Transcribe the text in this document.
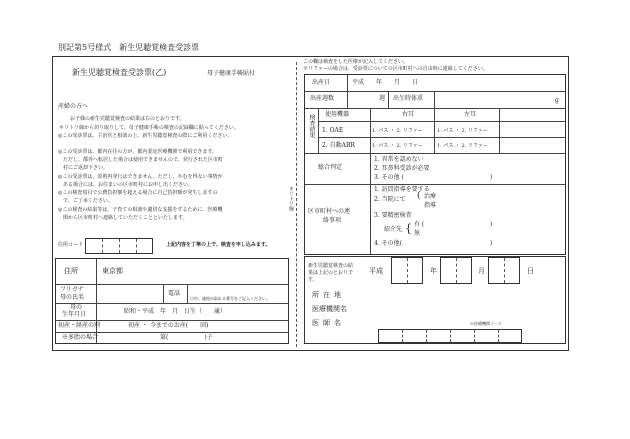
別記第5号様式　新生児聴覚検査受診票
新生児聴覚検査受診票(乙)	母子健康手帳貼付
産婦の方へ
お子様の新生児聴覚検査の結果は右のとおりです。
キリトリ線から切り取りして、母子健康手帳の検査の記録欄に貼ってください。
◎この受診票は、主治医と相談の上、新生児聴覚検査の際にご利用ください。
◎この受診票は、都内在住の方が、都内委託医療機関で利用できます。
　ただし、都外へ転居した場合は使用できませんので、発行された区市町
　村にご返却下さい。
◎この受診票は、原則再発行はできません。ただし、やむを得ない事情が
　ある場合には、お住まいの区市町村にお申し出ください。
◎この検査項目で公費負担額を超える場合に自己負担額が発生しますの
　で、ご了承ください。
◎この検査の結果等は、子育ての相談や適切な支援をするために、医療機
　関から区市町村へ連絡していただくことといたします。
キリトリ線
住所コード	上記内容を丁寧の上で、検査を申し込みます。
住所	東京都
フリガナ
母の氏名
電話
日中、連絡が取れる番号をご記入ください。
母の
生年月日	昭和・平成　年　月　日生（　　歳）
初産・経産の別	初産 ・ 今までのお産(　　回)
※多胎の場合	第(　　　　　　)子
この欄は検査をした医療が記入してください。
※リファーの場合は、受診票についての区市町村への自由時に連絡してください。
出産日	平成　　年　　月　　日
出産週数	週 出生時体重	g
検査結果 使用機器	右耳	左耳
1. OAE	1. パス ・ 2. リファー	1. パス ・ 2. リファー
2. 自動ABR	1. パス ・ 2. リファー	1. パス ・ 2. リファー
総合判定
1. 異常を認めない
2. 耳鼻科受診が必要
3. その他 (	)
区市町村への連
絡事項
1. 訪問指導を要する
2. 当院にて ( 治療
指導
3. 要精密検査
紹介先 { 有 (	)
無
4. その他(	)
新生児聴覚検査の結
果は上記のとおりで
す。
平成	年	月	日
所在地
医療機関名
医師名	※医療機関コード
